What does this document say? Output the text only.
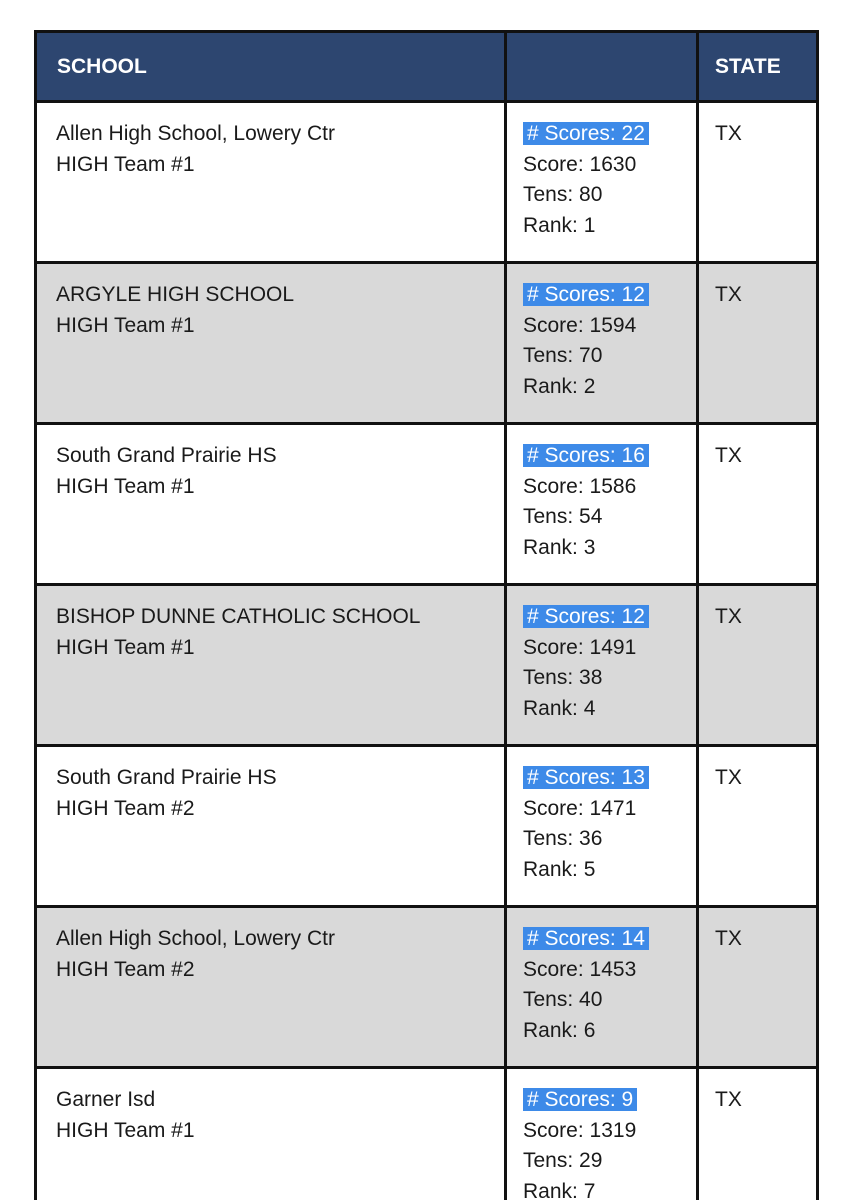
SCHOOL		STATE

Allen High School, Lowery Ctr
HIGH Team #1	# Scores: 22
Score: 1630
Tens: 80
Rank: 1	TX

ARGYLE HIGH SCHOOL
HIGH Team #1	# Scores: 12
Score: 1594
Tens: 70
Rank: 2	TX

South Grand Prairie HS
HIGH Team #1	# Scores: 16
Score: 1586
Tens: 54
Rank: 3	TX

BISHOP DUNNE CATHOLIC SCHOOL
HIGH Team #1	# Scores: 12
Score: 1491
Tens: 38
Rank: 4	TX

South Grand Prairie HS
HIGH Team #2	# Scores: 13
Score: 1471
Tens: 36
Rank: 5	TX

Allen High School, Lowery Ctr
HIGH Team #2	# Scores: 14
Score: 1453
Tens: 40
Rank: 6	TX

Garner Isd
HIGH Team #1	# Scores: 9
Score: 1319
Tens: 29
Rank: 7	TX
